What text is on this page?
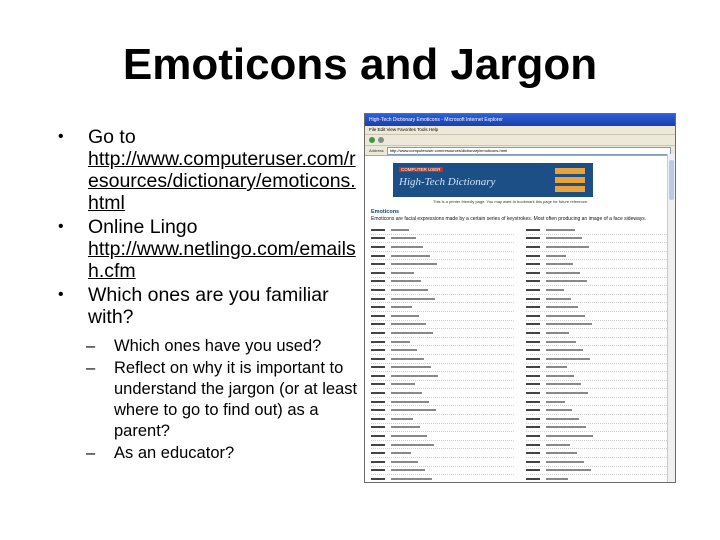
Emoticons and Jargon
• Go to
http://www.computeruser.com/resources/dictionary/emoticons.html
• Online Lingo
http://www.netlingo.com/emailsh.cfm
• Which ones are you familiar with?
– Which ones have you used?
– Reflect on why it is important to understand the jargon (or at least where to go to find out) as a parent?
– As an educator?
High-Tech Dictionary Emoticons - Microsoft Internet Explorer
File Edit View Favorites Tools Help
Address	http://www.computeruser.com/resources/dictionary/emoticons.html
COMPUTER USER
High-Tech Dictionary
This is a printer friendly page. You may want to bookmark this page for future reference.
Emoticons
Emoticons are facial expressions made by a certain series of keystrokes. Most often producing an image of a face sideways.
